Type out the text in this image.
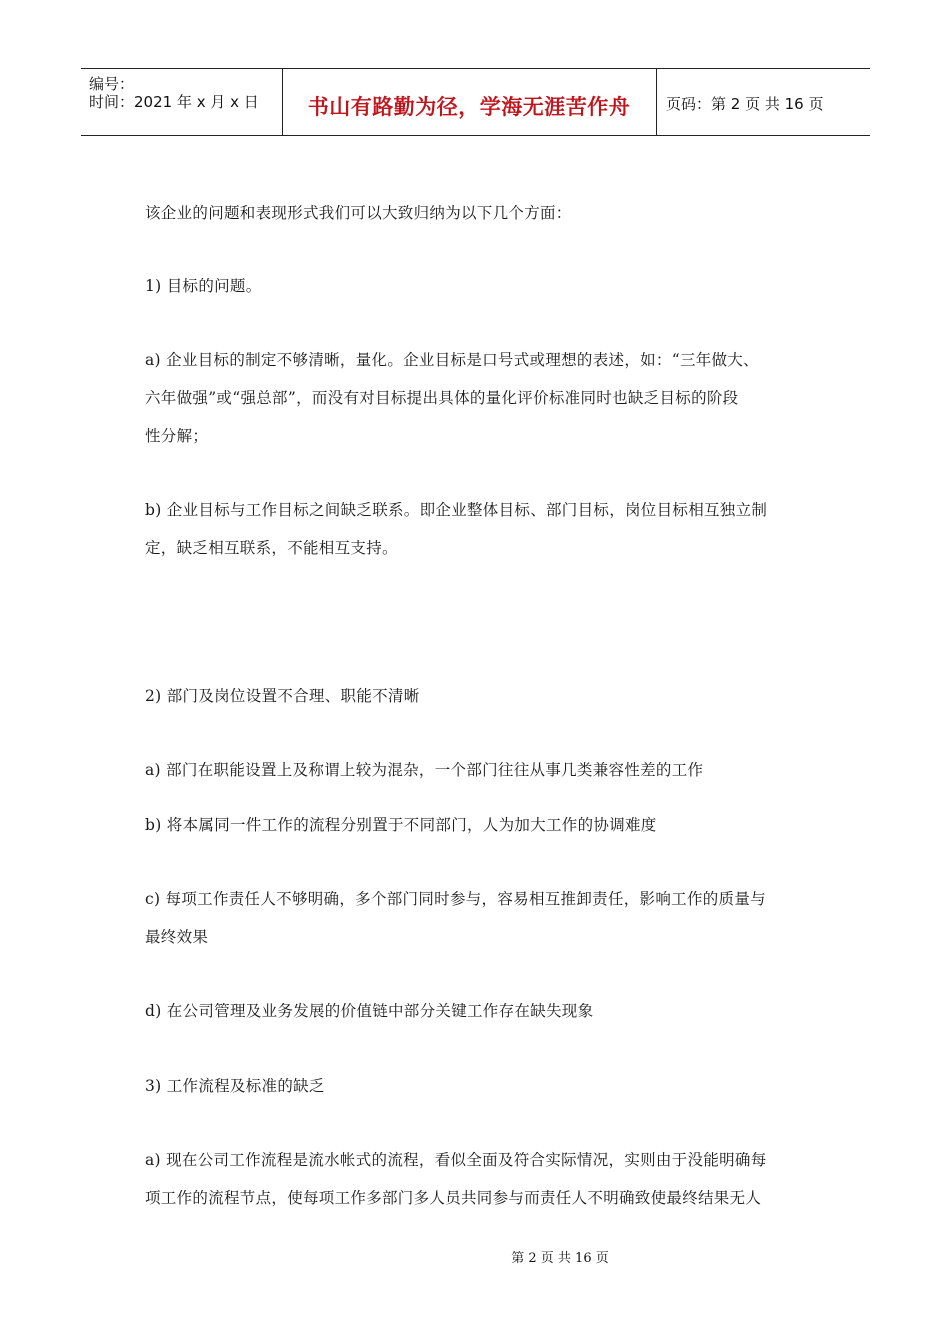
编号：
时间：2021 年 x 月 x 日	书山有路勤为径，学海无涯苦作舟	页码：第 2 页 共 16 页
该企业的问题和表现形式我们可以大致归纳为以下几个方面：
1) 目标的问题。
a) 企业目标的制定不够清晰，量化。企业目标是口号式或理想的表述，如：“三年做大、
六年做强”或“强总部”，而没有对目标提出具体的量化评价标准同时也缺乏目标的阶段
性分解；
b) 企业目标与工作目标之间缺乏联系。即企业整体目标、部门目标，岗位目标相互独立制
定，缺乏相互联系，不能相互支持。
2) 部门及岗位设置不合理、职能不清晰
a) 部门在职能设置上及称谓上较为混杂，一个部门往往从事几类兼容性差的工作
b) 将本属同一件工作的流程分别置于不同部门，人为加大工作的协调难度
c) 每项工作责任人不够明确，多个部门同时参与，容易相互推卸责任，影响工作的质量与
最终效果
d) 在公司管理及业务发展的价值链中部分关键工作存在缺失现象
3) 工作流程及标准的缺乏
a) 现在公司工作流程是流水帐式的流程，看似全面及符合实际情况，实则由于没能明确每
项工作的流程节点，使每项工作多部门多人员共同参与而责任人不明确致使最终结果无人
第 2 页 共 16 页
